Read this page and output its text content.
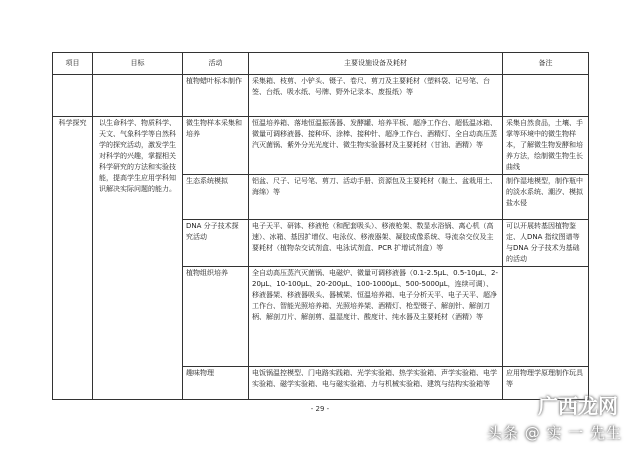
项目	目标	活动	主要设施设备及耗材	备注
		植物蜡叶标本制作	采集箱、枝剪、小铲头、镊子、卷尺、剪刀及主要耗材（塑料袋、记号笔、台签、台纸、吸水纸、号牌、野外记录本、废报纸）等	
科学探究	以生命科学、物质科学、天文、气象科学等自然科学的探究活动，激发学生对科学的兴趣，掌握相关科学研究的方法和实验技能，提高学生应用学科知识解决实际问题的能力。	微生物样本采集和培养	恒温培养箱、落地恒温振荡器、发酵罐、培养平板、超净工作台、超低温冰箱、微量可调移液器、接种环、涂棒、接种针、超净工作台、酒精灯、全自动高压蒸汽灭菌锅、紫外分光光度计、微生物实验器材及主要耗材（甘油、酒精）等	采集自然食品，土壤、手掌等环境中的微生物样本，了解微生物发酵和培养方法，绘制微生物生长曲线
		生态系统模拟	铝盆、尺子、记号笔、剪刀、活动手册、资源包及主要耗材（黏土、盆栽用土、海绵）等	制作湿地模型，制作瓶中的淡水系统、潮汐、模拟盐水侵
		DNA 分子技术探究活动	电子天平、研钵、移液枪（和配套吸头）、移液枪架、数显水浴锅、离心机（高速）、冰箱、基因扩增仪、电泳仪、移液器架、凝胶成像系统、导流杂交仪及主要耗材（植物杂交试剂盒、电泳试剂盒、PCR 扩增试剂盒）等	可以开展转基因植物鉴定、人DNA 指纹图谱等与DNA 分子技术为基础的活动
		植物组织培养	全自动高压蒸汽灭菌锅、电磁炉、微量可调移液器（0.1-2.5μL、0.5-10μL、2-20μL、10-100μL、20-200μL、100-1000μL、500-5000μL，连续可调）、移液器架、移液器吸头、器械架、恒温培养箱、电子分析天平、电子天平、超净工作台、智能光照培养箱、光照培养架、酒精灯、枪型镊子、解剖针、解剖刀柄、解剖刀片、解剖剪、温湿度计、酸度计、纯水器及主要耗材（酒精）等	
		趣味物理	电饭锅温控模型、门电路实践箱、光学实验箱、热学实验箱、声学实验箱、电学实验箱、磁学实验箱、电与磁实验箱、力与机械实验箱、建筑与结构实验箱等	应用物理学原理制作玩具等
- 29 -	广西龙网
头条 @ 实 一 先生
